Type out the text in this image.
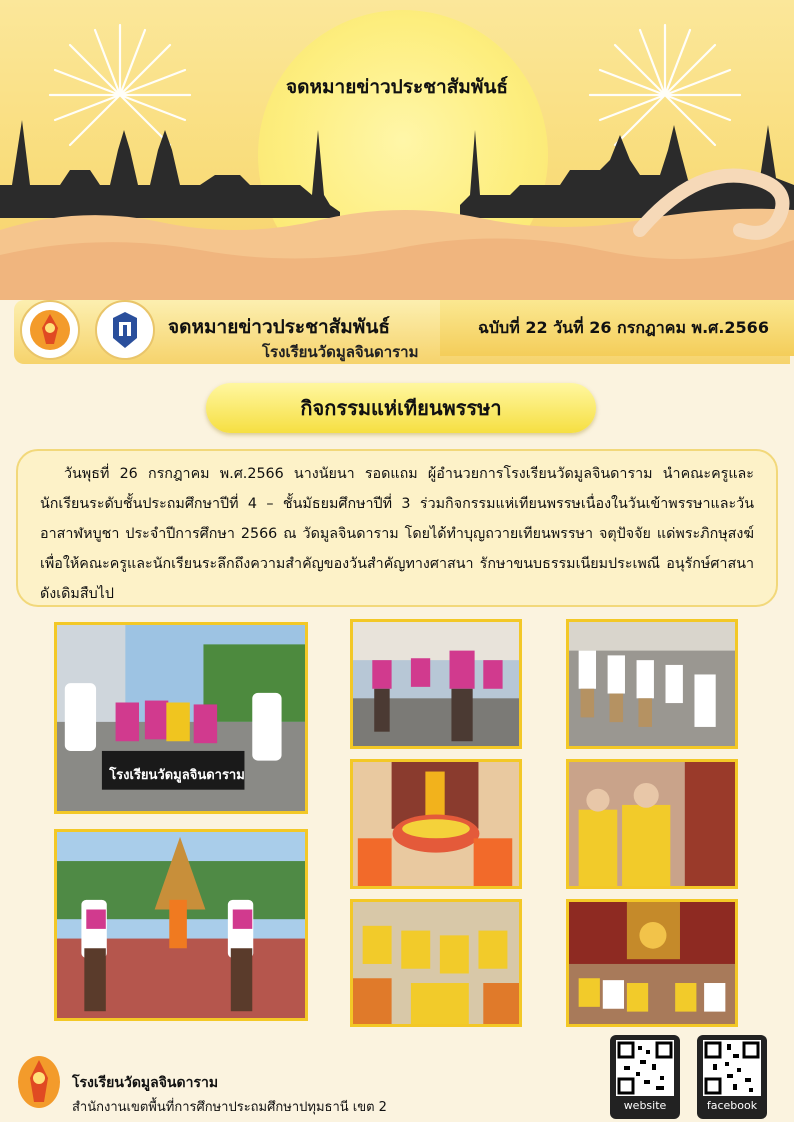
จดหมายข่าวประชาสัมพันธ์
จดหมายข่าวประชาสัมพันธ์
โรงเรียนวัดมูลจินดาราม
ฉบับที่ 22 วันที่ 26 กรกฎาคม พ.ศ.2566
กิจกรรมแห่เทียนพรรษา

วันพุธที่ 26 กรกฎาคม พ.ศ.2566 นางนัยนา รอดแถม ผู้อำนวยการโรงเรียนวัดมูลจินดาราม นำคณะครูและนักเรียนระดับชั้นประถมศึกษาปีที่ 4 – ชั้นมัธยมศึกษาปีที่ 3 ร่วมกิจกรรมแห่เทียนพรรษเนื่องในวันเข้าพรรษาและวันอาสาฬหบูชา ประจำปีการศึกษา 2566 ณ วัดมูลจินดาราม โดยได้ทำบุญถวายเทียนพรรษา จตุปัจจัย แด่พระภิกษุสงฆ์ เพื่อให้คณะครูและนักเรียนระลึกถึงความสำคัญของวันสำคัญทางศาสนา รักษาขนบธรรมเนียมประเพณี อนุรักษ์ศาสนาดังเดิมสืบไป

โรงเรียนวัดมูลจินดาราม
โรงเรียนวัดมูลจินดาราม
สำนักงานเขตพื้นที่การศึกษาประถมศึกษาปทุมธานี เขต 2	website	facebook
